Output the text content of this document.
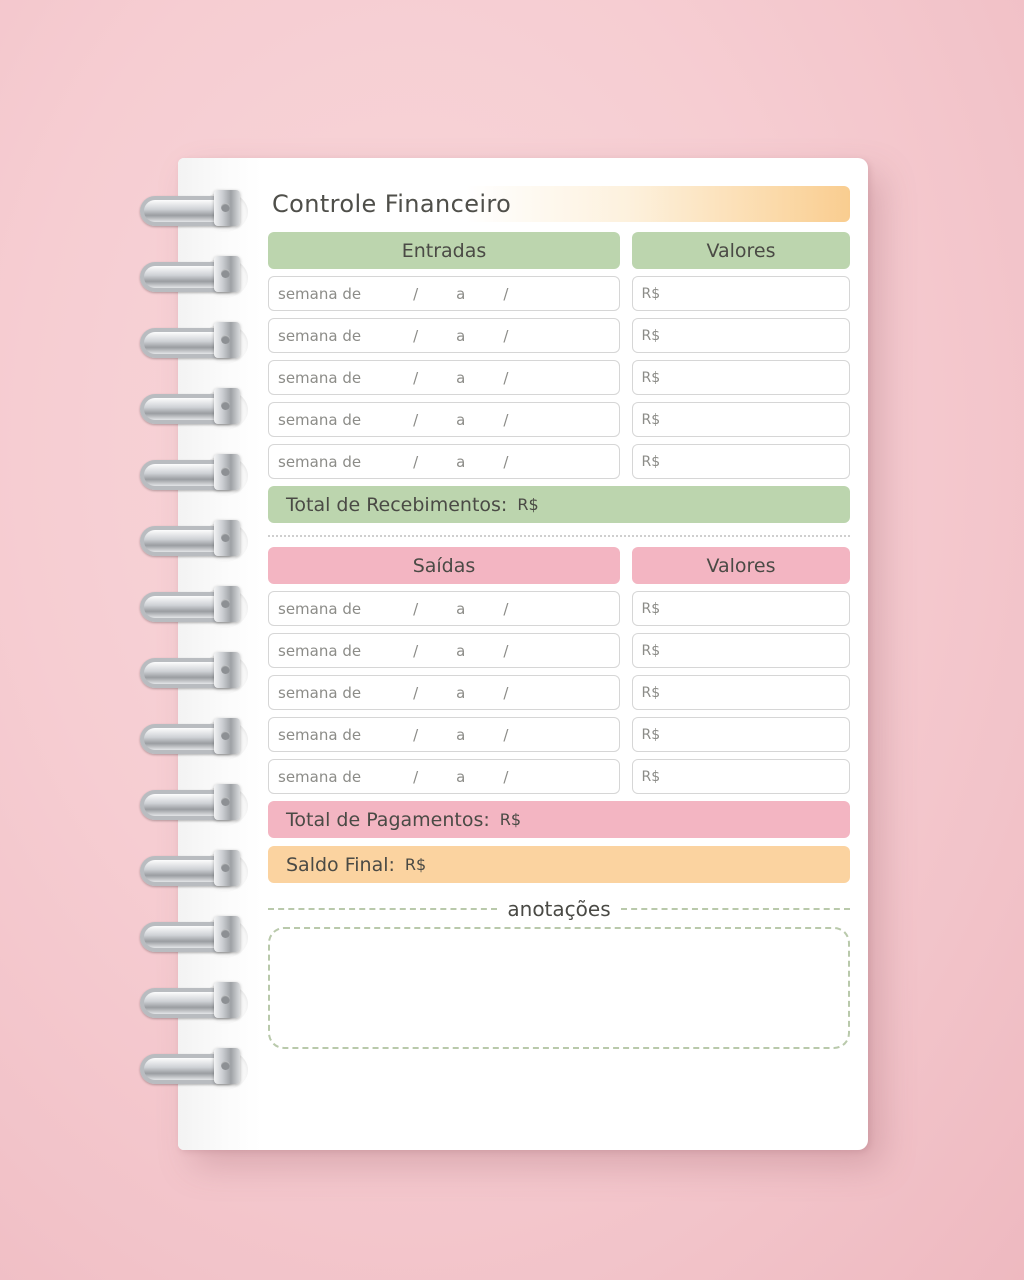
Controle Financeiro
Entradas	Valores
semana de	/	a	/	R$
semana de	/	a	/	R$
semana de	/	a	/	R$
semana de	/	a	/	R$
semana de	/	a	/	R$
Total de Recebimentos: R$
Saídas	Valores
semana de	/	a	/	R$
semana de	/	a	/	R$
semana de	/	a	/	R$
semana de	/	a	/	R$
semana de	/	a	/	R$
Total de Pagamentos: R$
Saldo Final: R$
anotações
